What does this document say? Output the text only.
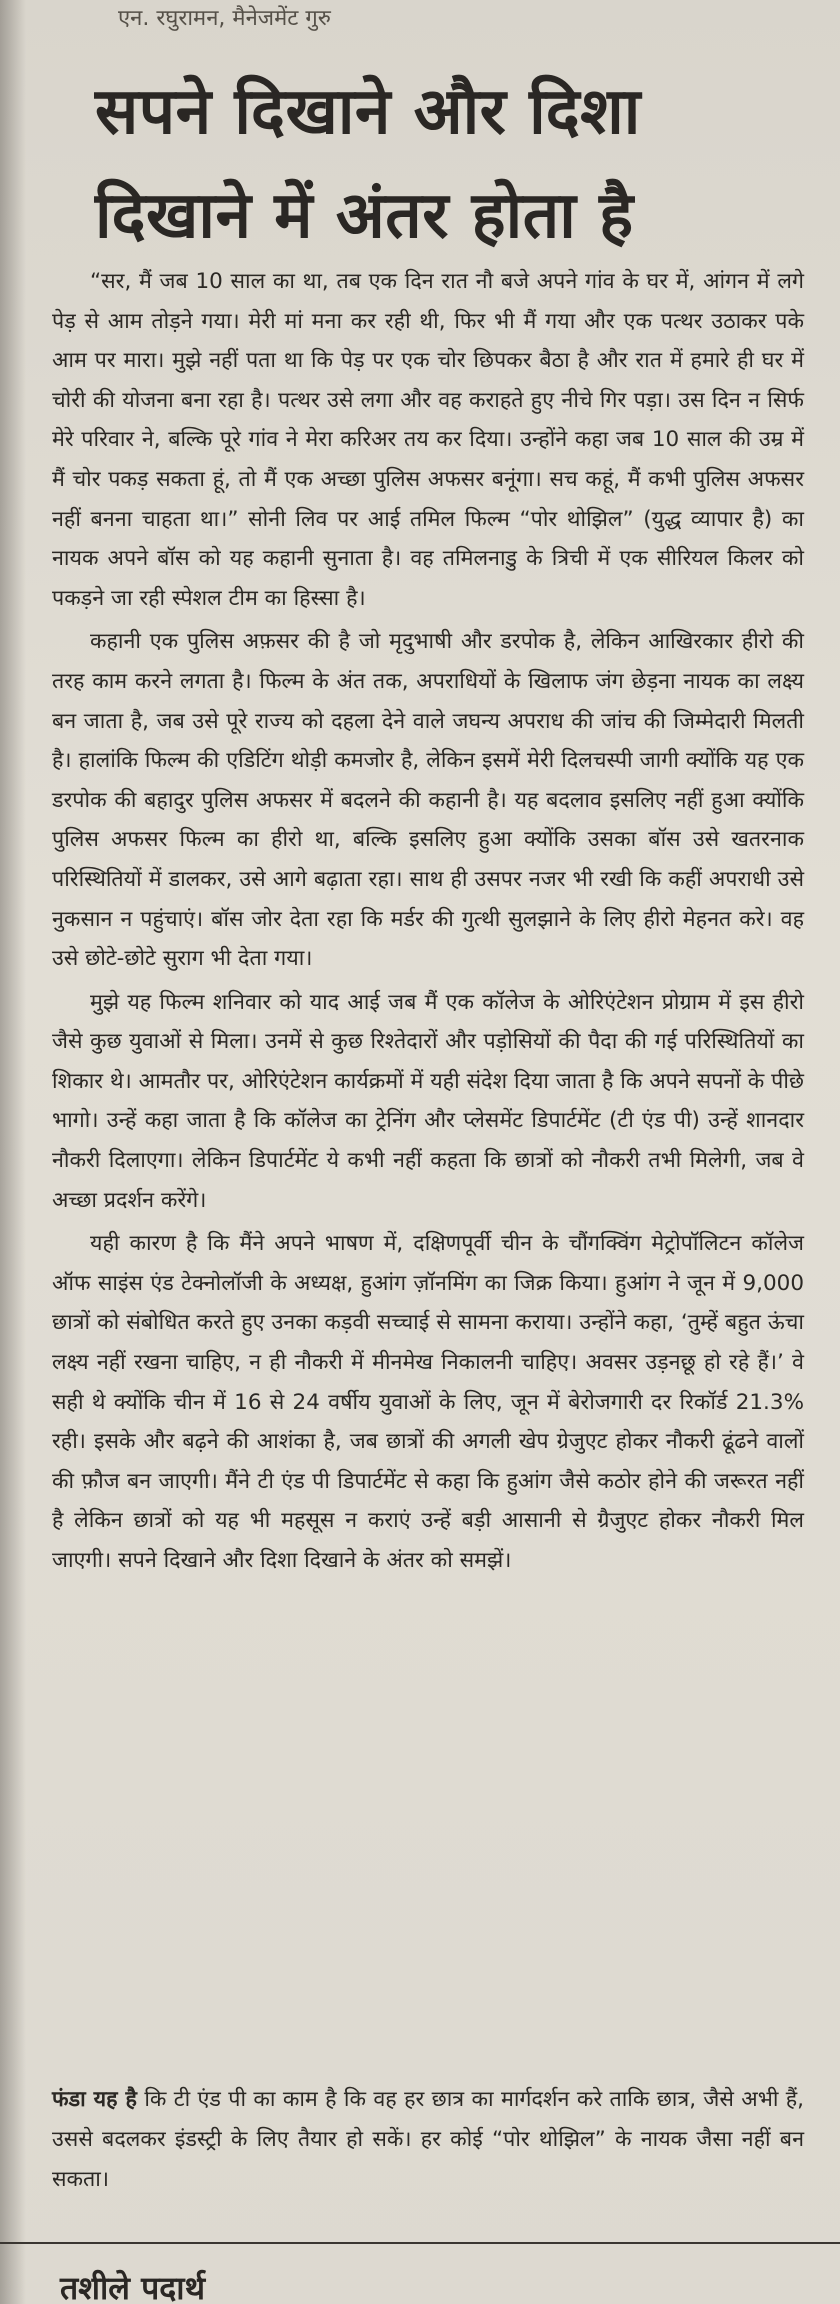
एन. रघुरामन, मैनेजमेंट गुरु
सपने दिखाने और दिशा
दिखाने में अंतर होता है

“सर, मैं जब 10 साल का था, तब एक दिन रात नौ बजे अपने गांव के घर में, आंगन में लगे पेड़ से आम तोड़ने गया। मेरी मां मना कर रही थी, फिर भी मैं गया और एक पत्थर उठाकर पके आम पर मारा। मुझे नहीं पता था कि पेड़ पर एक चोर छिपकर बैठा है और रात में हमारे ही घर में चोरी की योजना बना रहा है। पत्थर उसे लगा और वह कराहते हुए नीचे गिर पड़ा। उस दिन न सिर्फ मेरे परिवार ने, बल्कि पूरे गांव ने मेरा करिअर तय कर दिया। उन्होंने कहा जब 10 साल की उम्र में मैं चोर पकड़ सकता हूं, तो मैं एक अच्छा पुलिस अफसर बनूंगा। सच कहूं, मैं कभी पुलिस अफसर नहीं बनना चाहता था।” सोनी लिव पर आई तमिल फिल्म “पोर थोझिल” (युद्ध व्यापार है) का नायक अपने बॉस को यह कहानी सुनाता है। वह तमिलनाडु के त्रिची में एक सीरियल किलर को पकड़ने जा रही स्पेशल टीम का हिस्सा है।

कहानी एक पुलिस अफ़सर की है जो मृदुभाषी और डरपोक है, लेकिन आखिरकार हीरो की तरह काम करने लगता है। फिल्म के अंत तक, अपराधियों के खिलाफ जंग छेड़ना नायक का लक्ष्य बन जाता है, जब उसे पूरे राज्य को दहला देने वाले जघन्य अपराध की जांच की जिम्मेदारी मिलती है। हालांकि फिल्म की एडिटिंग थोड़ी कमजोर है, लेकिन इसमें मेरी दिलचस्पी जागी क्योंकि यह एक डरपोक की बहादुर पुलिस अफसर में बदलने की कहानी है। यह बदलाव इसलिए नहीं हुआ क्योंकि पुलिस अफसर फिल्म का हीरो था, बल्कि इसलिए हुआ क्योंकि उसका बॉस उसे खतरनाक परिस्थितियों में डालकर, उसे आगे बढ़ाता रहा। साथ ही उसपर नजर भी रखी कि कहीं अपराधी उसे नुकसान न पहुंचाएं। बॉस जोर देता रहा कि मर्डर की गुत्थी सुलझाने के लिए हीरो मेहनत करे। वह उसे छोटे-छोटे सुराग भी देता गया।

मुझे यह फिल्म शनिवार को याद आई जब मैं एक कॉलेज के ओरिएंटेशन प्रोग्राम में इस हीरो जैसे कुछ युवाओं से मिला। उनमें से कुछ रिश्तेदारों और पड़ोसियों की पैदा की गई परिस्थितियों का शिकार थे। आमतौर पर, ओरिएंटेशन कार्यक्रमों में यही संदेश दिया जाता है कि अपने सपनों के पीछे भागो। उन्हें कहा जाता है कि कॉलेज का ट्रेनिंग और प्लेसमेंट डिपार्टमेंट (टी एंड पी) उन्हें शानदार नौकरी दिलाएगा। लेकिन डिपार्टमेंट ये कभी नहीं कहता कि छात्रों को नौकरी तभी मिलेगी, जब वे अच्छा प्रदर्शन करेंगे।

यही कारण है कि मैंने अपने भाषण में, दक्षिणपूर्वी चीन के चौंगक्विंग मेट्रोपॉलिटन कॉलेज ऑफ साइंस एंड टेक्नोलॉजी के अध्यक्ष, हुआंग ज़ॉनमिंग का जिक्र किया। हुआंग ने जून में 9,000 छात्रों को संबोधित करते हुए उनका कड़वी सच्चाई से सामना कराया। उन्होंने कहा, ‘तुम्हें बहुत ऊंचा लक्ष्य नहीं रखना चाहिए, न ही नौकरी में मीनमेख निकालनी चाहिए। अवसर उड़नछू हो रहे हैं।’ वे सही थे क्योंकि चीन में 16 से 24 वर्षीय युवाओं के लिए, जून में बेरोजगारी दर रिकॉर्ड 21.3% रही। इसके और बढ़ने की आशंका है, जब छात्रों की अगली खेप ग्रेजुएट होकर नौकरी ढूंढने वालों की फ़ौज बन जाएगी। मैंने टी एंड पी डिपार्टमेंट से कहा कि हुआंग जैसे कठोर होने की जरूरत नहीं है लेकिन छात्रों को यह भी महसूस न कराएं उन्हें बड़ी आसानी से ग्रैजुएट होकर नौकरी मिल जाएगी। सपने दिखाने और दिशा दिखाने के अंतर को समझें।

फंडा यह है कि टी एंड पी का काम है कि वह हर छात्र का मार्गदर्शन करे ताकि छात्र, जैसे अभी हैं, उससे बदलकर इंडस्ट्री के लिए तैयार हो सकें। हर कोई “पोर थोझिल” के नायक जैसा नहीं बन सकता।
तशीले पदार्थ
